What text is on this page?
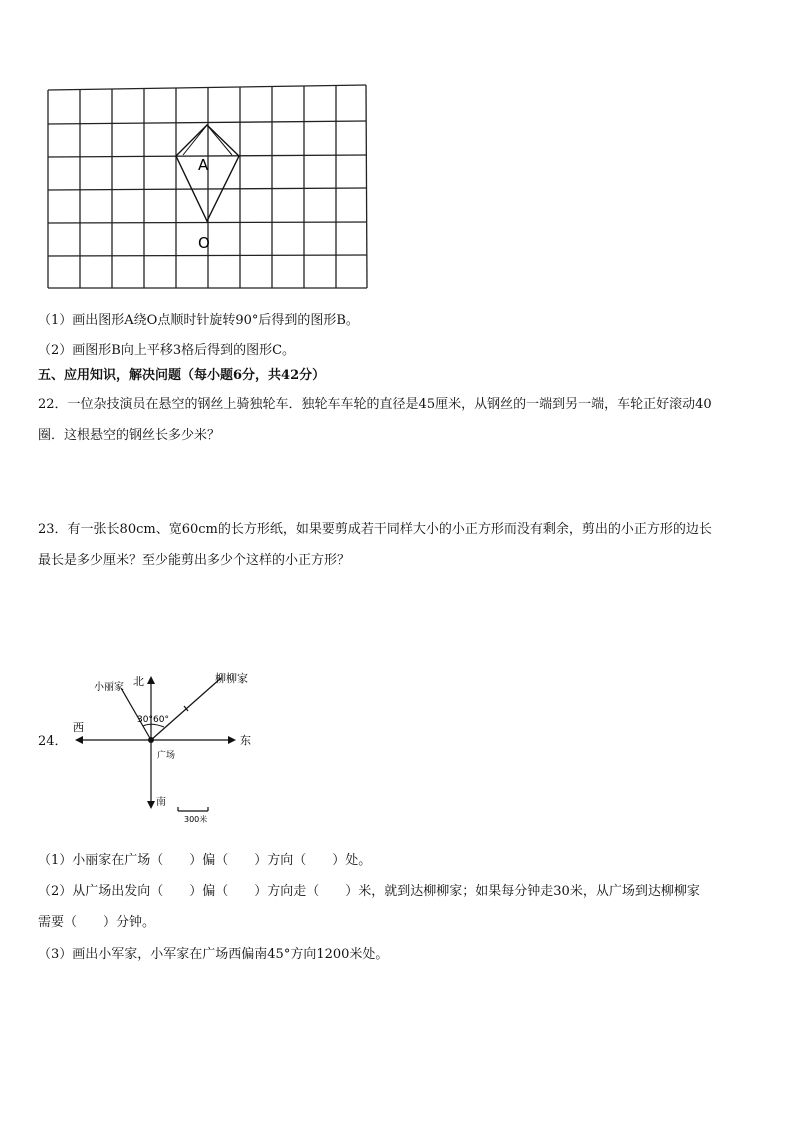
A
O
（1）画出图形A绕O点顺时针旋转90°后得到的图形B。
（2）画图形B向上平移3格后得到的图形C。
五、应用知识，解决问题（每小题6分，共42分）
22．一位杂技演员在悬空的钢丝上骑独轮车．独轮车车轮的直径是45厘米，从钢丝的一端到另一端，车轮正好滚动40
圈．这根悬空的钢丝长多少米？
23．有一张长80cm、宽60cm的长方形纸，如果要剪成若干同样大小的小正方形而没有剩余，剪出的小正方形的边长
最长是多少厘米？至少能剪出多少个这样的小正方形？
24．
北
小丽家
柳柳家
30° 60°
西
东
广场
南
300米
（1）小丽家在广场（　　）偏（　　）方向（　　）处。
（2）从广场出发向（　　）偏（　　）方向走（　　）米，就到达柳柳家；如果每分钟走30米，从广场到达柳柳家
需要（　　）分钟。
（3）画出小军家，小军家在广场西偏南45°方向1200米处。
